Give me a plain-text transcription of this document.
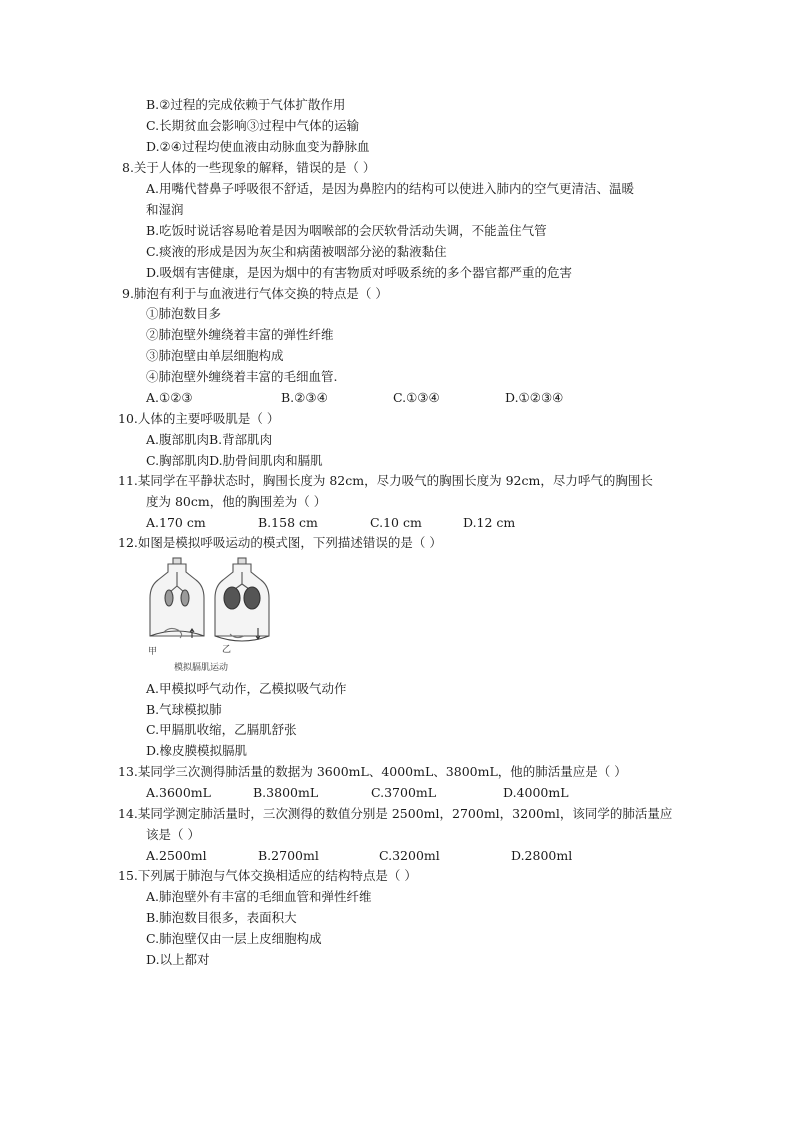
B.②过程的完成依赖于气体扩散作用
C.长期贫血会影响③过程中气体的运输
D.②④过程均使血液由动脉血变为静脉血
8.关于人体的一些现象的解释，错误的是（ ）
A.用嘴代替鼻子呼吸很不舒适，是因为鼻腔内的结构可以使进入肺内的空气更清洁、温暖
和湿润
B.吃饭时说话容易呛着是因为咽喉部的会厌软骨活动失调，不能盖住气管
C.痰液的形成是因为灰尘和病菌被咽部分泌的黏液黏住
D.吸烟有害健康，是因为烟中的有害物质对呼吸系统的多个器官都严重的危害
9.肺泡有利于与血液进行气体交换的特点是（ ）
①肺泡数目多
②肺泡壁外缠绕着丰富的弹性纤维
③肺泡壁由单层细胞构成
④肺泡壁外缠绕着丰富的毛细血管.
A.①②③	B.②③④	C.①③④	D.①②③④
10.人体的主要呼吸肌是（ ）
A.腹部肌肉B.背部肌肉
C.胸部肌肉D.肋骨间肌肉和膈肌
11.某同学在平静状态时，胸围长度为 82cm，尽力吸气的胸围长度为 92cm，尽力呼气的胸围长
度为 80cm，他的胸围差为（ ）
A.170 cm	B.158 cm	C.10 cm	D.12 cm
12.如图是模拟呼吸运动的模式图，下列描述错误的是（ ）
甲	乙
模拟膈肌运动
A.甲模拟呼气动作，乙模拟吸气动作
B.气球模拟肺
C.甲膈肌收缩，乙膈肌舒张
D.橡皮膜模拟膈肌
13.某同学三次测得肺活量的数据为 3600mL、4000mL、3800mL，他的肺活量应是（ ）
A.3600mL	B.3800mL	C.3700mL	D.4000mL
14.某同学测定肺活量时，三次测得的数值分别是 2500ml，2700ml，3200ml，该同学的肺活量应
该是（ ）
A.2500ml	B.2700ml	C.3200ml	D.2800ml
15.下列属于肺泡与气体交换相适应的结构特点是（ ）
A.肺泡壁外有丰富的毛细血管和弹性纤维
B.肺泡数目很多，表面积大
C.肺泡壁仅由一层上皮细胞构成
D.以上都对
